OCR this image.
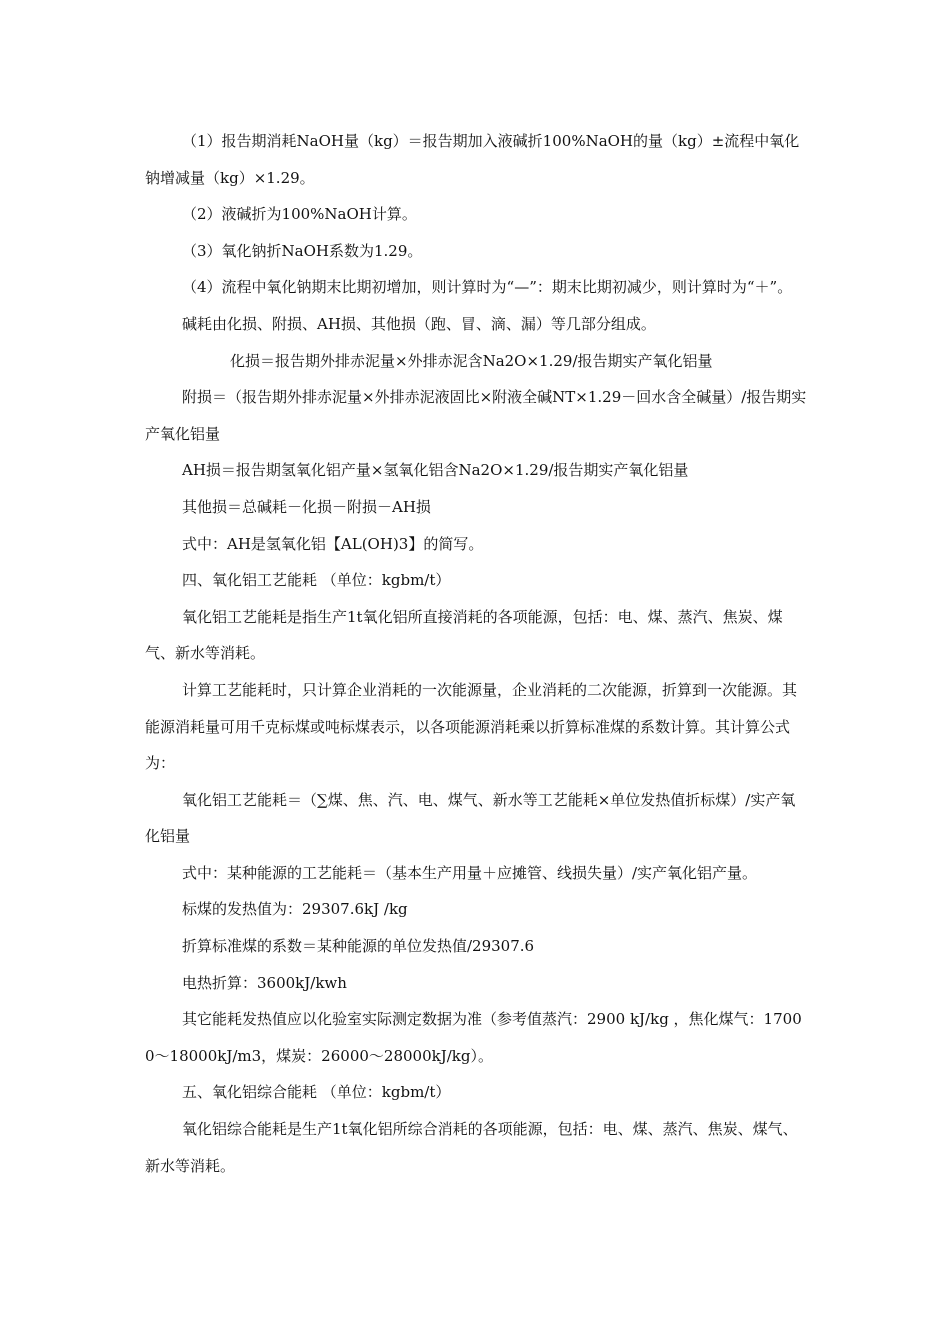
（1）报告期消耗NaOH量（kg）＝报告期加入液碱折100%NaOH的量（kg）±流程中氧化钠增减量（kg）×1.29。

（2）液碱折为100%NaOH计算。

（3）氧化钠折NaOH系数为1.29。

（4）流程中氧化钠期末比期初增加，则计算时为“—”：期末比期初减少，则计算时为“＋”。

碱耗由化损、附损、AH损、其他损（跑、冒、滴、漏）等几部分组成。

化损＝报告期外排赤泥量×外排赤泥含Na2O×1.29/报告期实产氧化铝量

附损＝（报告期外排赤泥量×外排赤泥液固比×附液全碱NT×1.29－回水含全碱量）/报告期实产氧化铝量

AH损＝报告期氢氧化铝产量×氢氧化铝含Na2O×1.29/报告期实产氧化铝量

其他损＝总碱耗－化损－附损－AH损

式中：AH是氢氧化铝【AL(OH)3】的简写。

四、氧化铝工艺能耗 （单位：kgbm/t）

氧化铝工艺能耗是指生产1t氧化铝所直接消耗的各项能源，包括：电、煤、蒸汽、焦炭、煤气、新水等消耗。

计算工艺能耗时，只计算企业消耗的一次能源量，企业消耗的二次能源，折算到一次能源。其能源消耗量可用千克标煤或吨标煤表示，以各项能源消耗乘以折算标准煤的系数计算。其计算公式为：

氧化铝工艺能耗＝（∑煤、焦、汽、电、煤气、新水等工艺能耗×单位发热值折标煤）/实产氧化铝量

式中：某种能源的工艺能耗＝（基本生产用量＋应摊管、线损失量）/实产氧化铝产量。

标煤的发热值为：29307.6kJ /kg

折算标准煤的系数＝某种能源的单位发热值/29307.6

电热折算：3600kJ/kwh

其它能耗发热值应以化验室实际测定数据为准（参考值蒸汽：2900 kJ/kg ，焦化煤气：17000～18000kJ/m3，煤炭：26000～28000kJ/kg）。

五、氧化铝综合能耗 （单位：kgbm/t）

氧化铝综合能耗是生产1t氧化铝所综合消耗的各项能源，包括：电、煤、蒸汽、焦炭、煤气、新水等消耗。
